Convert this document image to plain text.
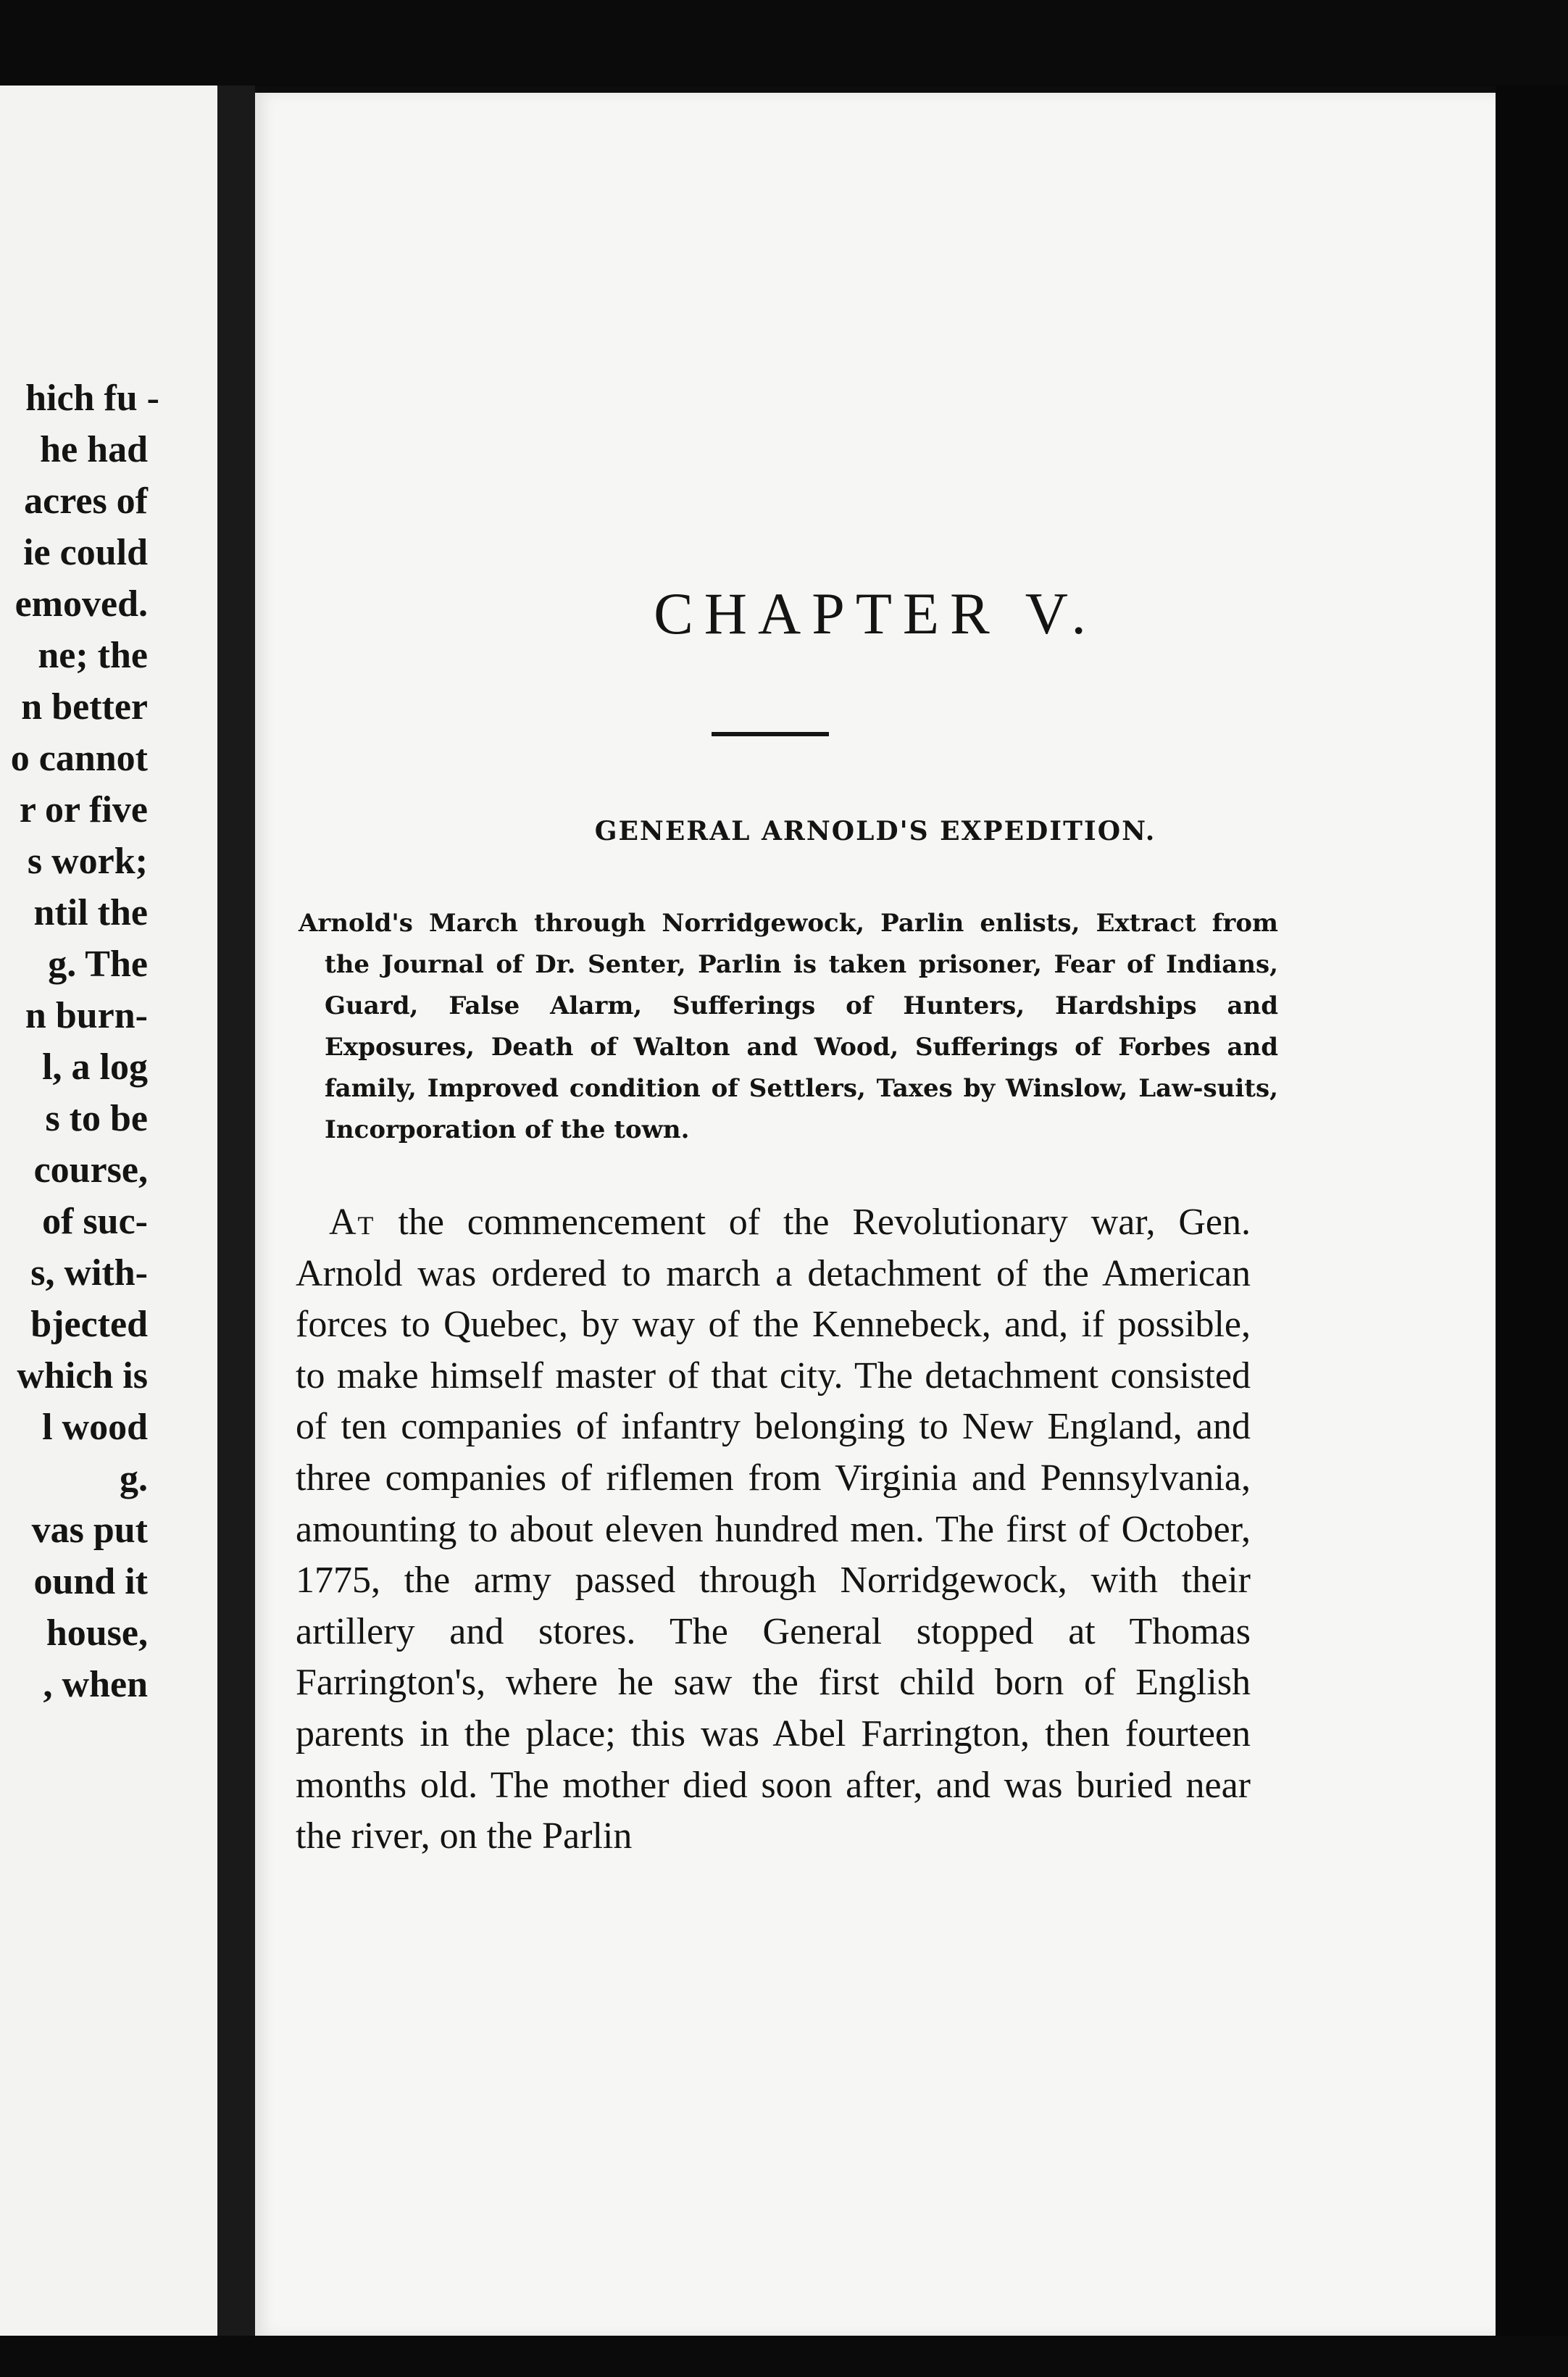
hich fu -
he had
acres of
ie could
emoved.
ne; the
n better
o cannot
r or five
s work;
ntil the
g. The
n burn-
l, a log
s to be
course,
of suc-
s, with-
bjected
which is
l wood
g.
vas put
ound it
house,
, when
CHAPTER V.
GENERAL ARNOLD'S EXPEDITION.

Arnold's March through Norridgewock, Parlin enlists, Extract from the Journal of Dr. Senter, Parlin is taken prisoner, Fear of Indians, Guard, False Alarm, Sufferings of Hunters, Hardships and Exposures, Death of Walton and Wood, Sufferings of Forbes and family, Improved condition of Settlers, Taxes by Winslow, Law-suits, Incorporation of the town.

At the commencement of the Revolutionary war, Gen. Arnold was ordered to march a detachment of the American forces to Quebec, by way of the Kennebeck, and, if possible, to make himself master of that city. The detachment consisted of ten companies of infantry belonging to New England, and three companies of riflemen from Virginia and Pennsylvania, amounting to about eleven hundred men. The first of October, 1775, the army passed through Norridgewock, with their artillery and stores. The General stopped at Thomas Farrington's, where he saw the first child born of English parents in the place; this was Abel Farrington, then fourteen months old. The mother died soon after, and was buried near the river, on the Parlin
